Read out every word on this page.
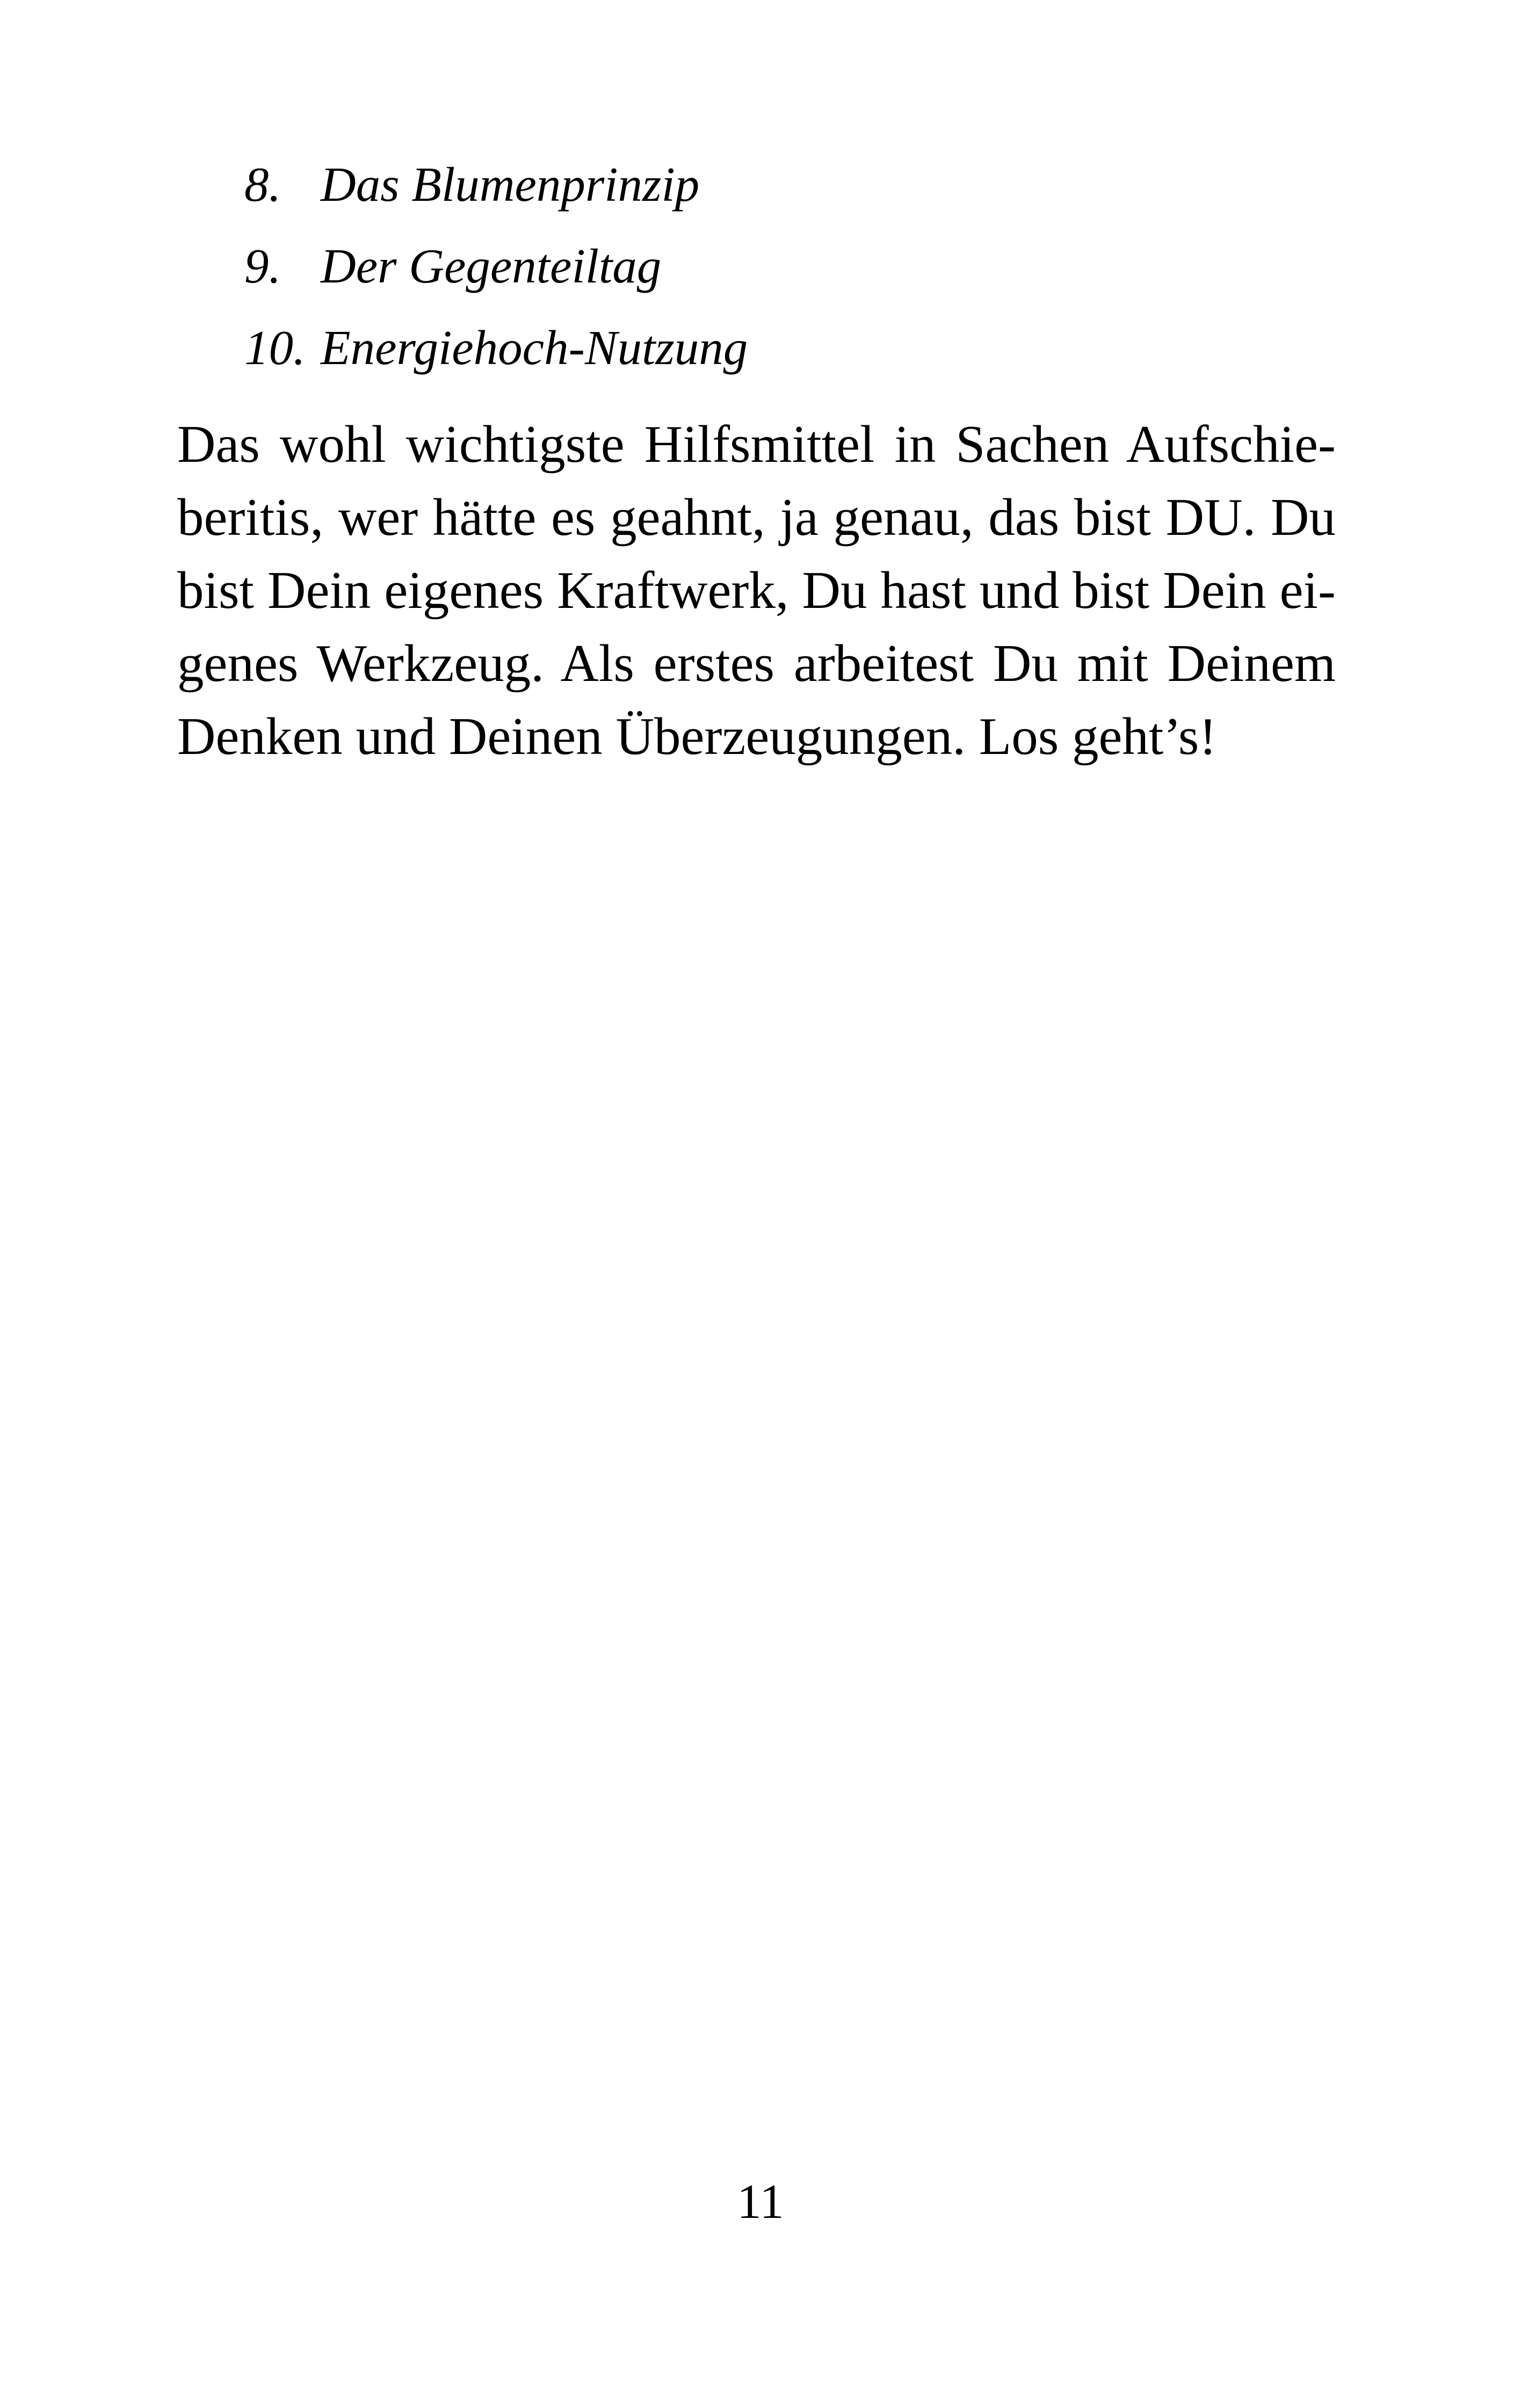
8. Das Blumenprinzip
9. Der Gegenteiltag
10. Energiehoch-Nutzung
Das wohl wichtigste Hilfsmittel in Sachen Aufschie-
beritis, wer hätte es geahnt, ja genau, das bist DU. Du
bist Dein eigenes Kraftwerk, Du hast und bist Dein ei-
genes Werkzeug. Als erstes arbeitest Du mit Deinem
Denken und Deinen Überzeugungen. Los geht’s!
11
